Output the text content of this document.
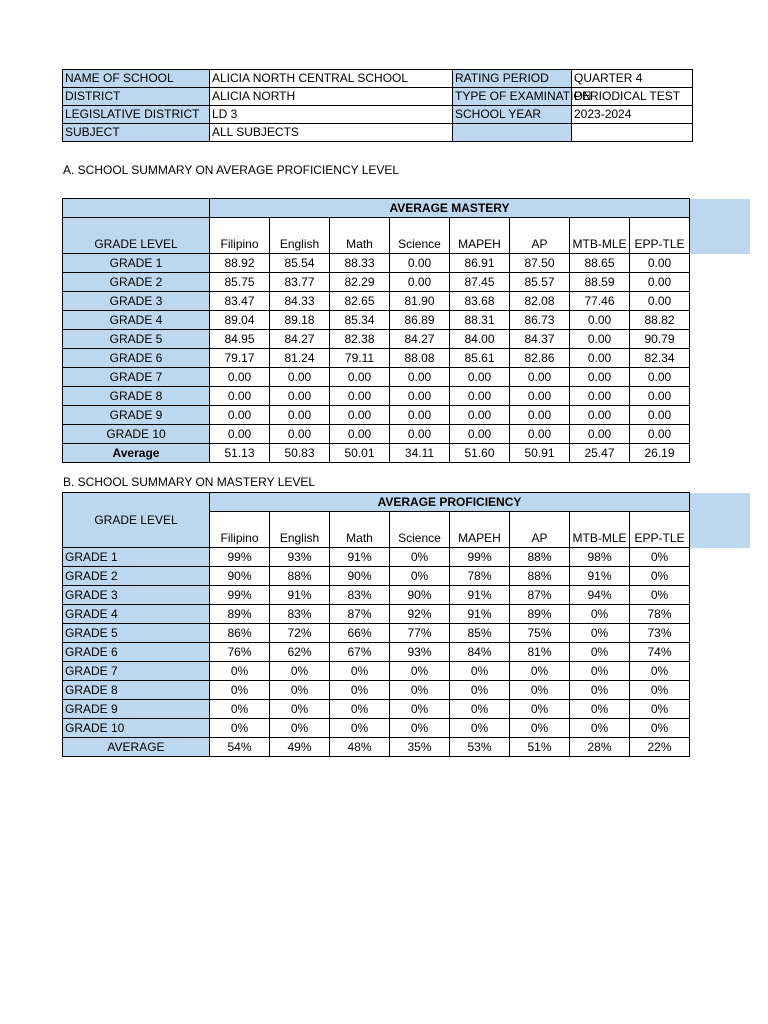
NAME OF SCHOOL	ALICIA NORTH CENTRAL SCHOOL	RATING PERIOD	QUARTER 4
DISTRICT	ALICIA NORTH	TYPE OF EXAMINATION	PERIODICAL TEST
LEGISLATIVE DISTRICT	LD 3	SCHOOL YEAR	2023-2024
SUBJECT	ALL SUBJECTS		
A. SCHOOL SUMMARY ON AVERAGE PROFICIENCY LEVEL
	AVERAGE MASTERY								
GRADE LEVEL	Filipino	English	Math	Science	MAPEH	AP	MTB-MLE	EPP-TLE	
GRADE 1	88.92	85.54	88.33	0.00	86.91	87.50	88.65	0.00	
GRADE 2	85.75	83.77	82.29	0.00	87.45	85.57	88.59	0.00	
GRADE 3	83.47	84.33	82.65	81.90	83.68	82.08	77.46	0.00	
GRADE 4	89.04	89.18	85.34	86.89	88.31	86.73	0.00	88.82	
GRADE 5	84.95	84.27	82.38	84.27	84.00	84.37	0.00	90.79	
GRADE 6	79.17	81.24	79.11	88.08	85.61	82.86	0.00	82.34	
GRADE 7	0.00	0.00	0.00	0.00	0.00	0.00	0.00	0.00	
GRADE 8	0.00	0.00	0.00	0.00	0.00	0.00	0.00	0.00	
GRADE 9	0.00	0.00	0.00	0.00	0.00	0.00	0.00	0.00	
GRADE 10	0.00	0.00	0.00	0.00	0.00	0.00	0.00	0.00	
Average	51.13	50.83	50.01	34.11	51.60	50.91	25.47	26.19	
B. SCHOOL SUMMARY ON MASTERY LEVEL
GRADE LEVEL	AVERAGE PROFICIENCY								
	Filipino	English	Math	Science	MAPEH	AP	MTB-MLE	EPP-TLE	
GRADE 1	99%	93%	91%	0%	99%	88%	98%	0%	
GRADE 2	90%	88%	90%	0%	78%	88%	91%	0%	
GRADE 3	99%	91%	83%	90%	91%	87%	94%	0%	
GRADE 4	89%	83%	87%	92%	91%	89%	0%	78%	
GRADE 5	86%	72%	66%	77%	85%	75%	0%	73%	
GRADE 6	76%	62%	67%	93%	84%	81%	0%	74%	
GRADE 7	0%	0%	0%	0%	0%	0%	0%	0%	
GRADE 8	0%	0%	0%	0%	0%	0%	0%	0%	
GRADE 9	0%	0%	0%	0%	0%	0%	0%	0%	
GRADE 10	0%	0%	0%	0%	0%	0%	0%	0%	
AVERAGE	54%	49%	48%	35%	53%	51%	28%	22%	
